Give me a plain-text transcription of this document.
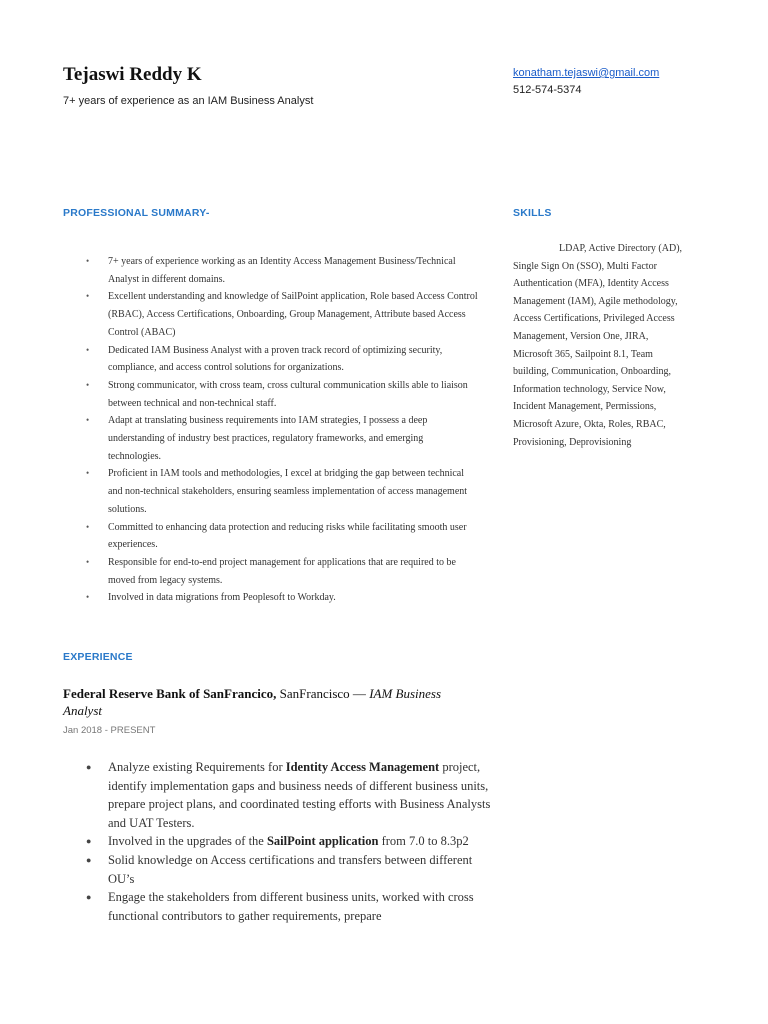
Tejaswi Reddy K
7+ years of experience as an IAM Business Analyst
konatham.tejaswi@gmail.com
512-574-5374
PROFESSIONAL SUMMARY-
• 7+ years of experience working as an Identity Access Management Business/Technical Analyst in different domains.
• Excellent understanding and knowledge of SailPoint application, Role based Access Control (RBAC), Access Certifications, Onboarding, Group Management, Attribute based Access Control (ABAC)
• Dedicated IAM Business Analyst with a proven track record of optimizing security, compliance, and access control solutions for organizations.
• Strong communicator, with cross team, cross cultural communication skills able to liaison between technical and non-technical staff.
• Adapt at translating business requirements into IAM strategies, I possess a deep understanding of industry best practices, regulatory frameworks, and emerging technologies.
• Proficient in IAM tools and methodologies, I excel at bridging the gap between technical and non-technical stakeholders, ensuring seamless implementation of access management solutions.
• Committed to enhancing data protection and reducing risks while facilitating smooth user experiences.
• Responsible for end-to-end project management for applications that are required to be moved from legacy systems.
• Involved in data migrations from Peoplesoft to Workday.
SKILLS
LDAP, Active Directory (AD), Single Sign On (SSO), Multi Factor Authentication (MFA), Identity Access Management (IAM), Agile methodology, Access Certifications, Privileged Access Management, Version One, JIRA, Microsoft 365, Sailpoint 8.1, Team building, Communication, Onboarding, Information technology, Service Now, Incident Management, Permissions, Microsoft Azure, Okta, Roles, RBAC, Provisioning, Deprovisioning
EXPERIENCE
Federal Reserve Bank of SanFrancico, SanFrancisco — IAM Business Analyst
Jan 2018 - PRESENT
● Analyze existing Requirements for Identity Access Management project, identify implementation gaps and business needs of different business units, prepare project plans, and coordinated testing efforts with Business Analysts and UAT Testers.
● Involved in the upgrades of the SailPoint application from 7.0 to 8.3p2
● Solid knowledge on Access certifications and transfers between different OU’s
● Engage the stakeholders from different business units, worked with cross functional contributors to gather requirements, prepare
